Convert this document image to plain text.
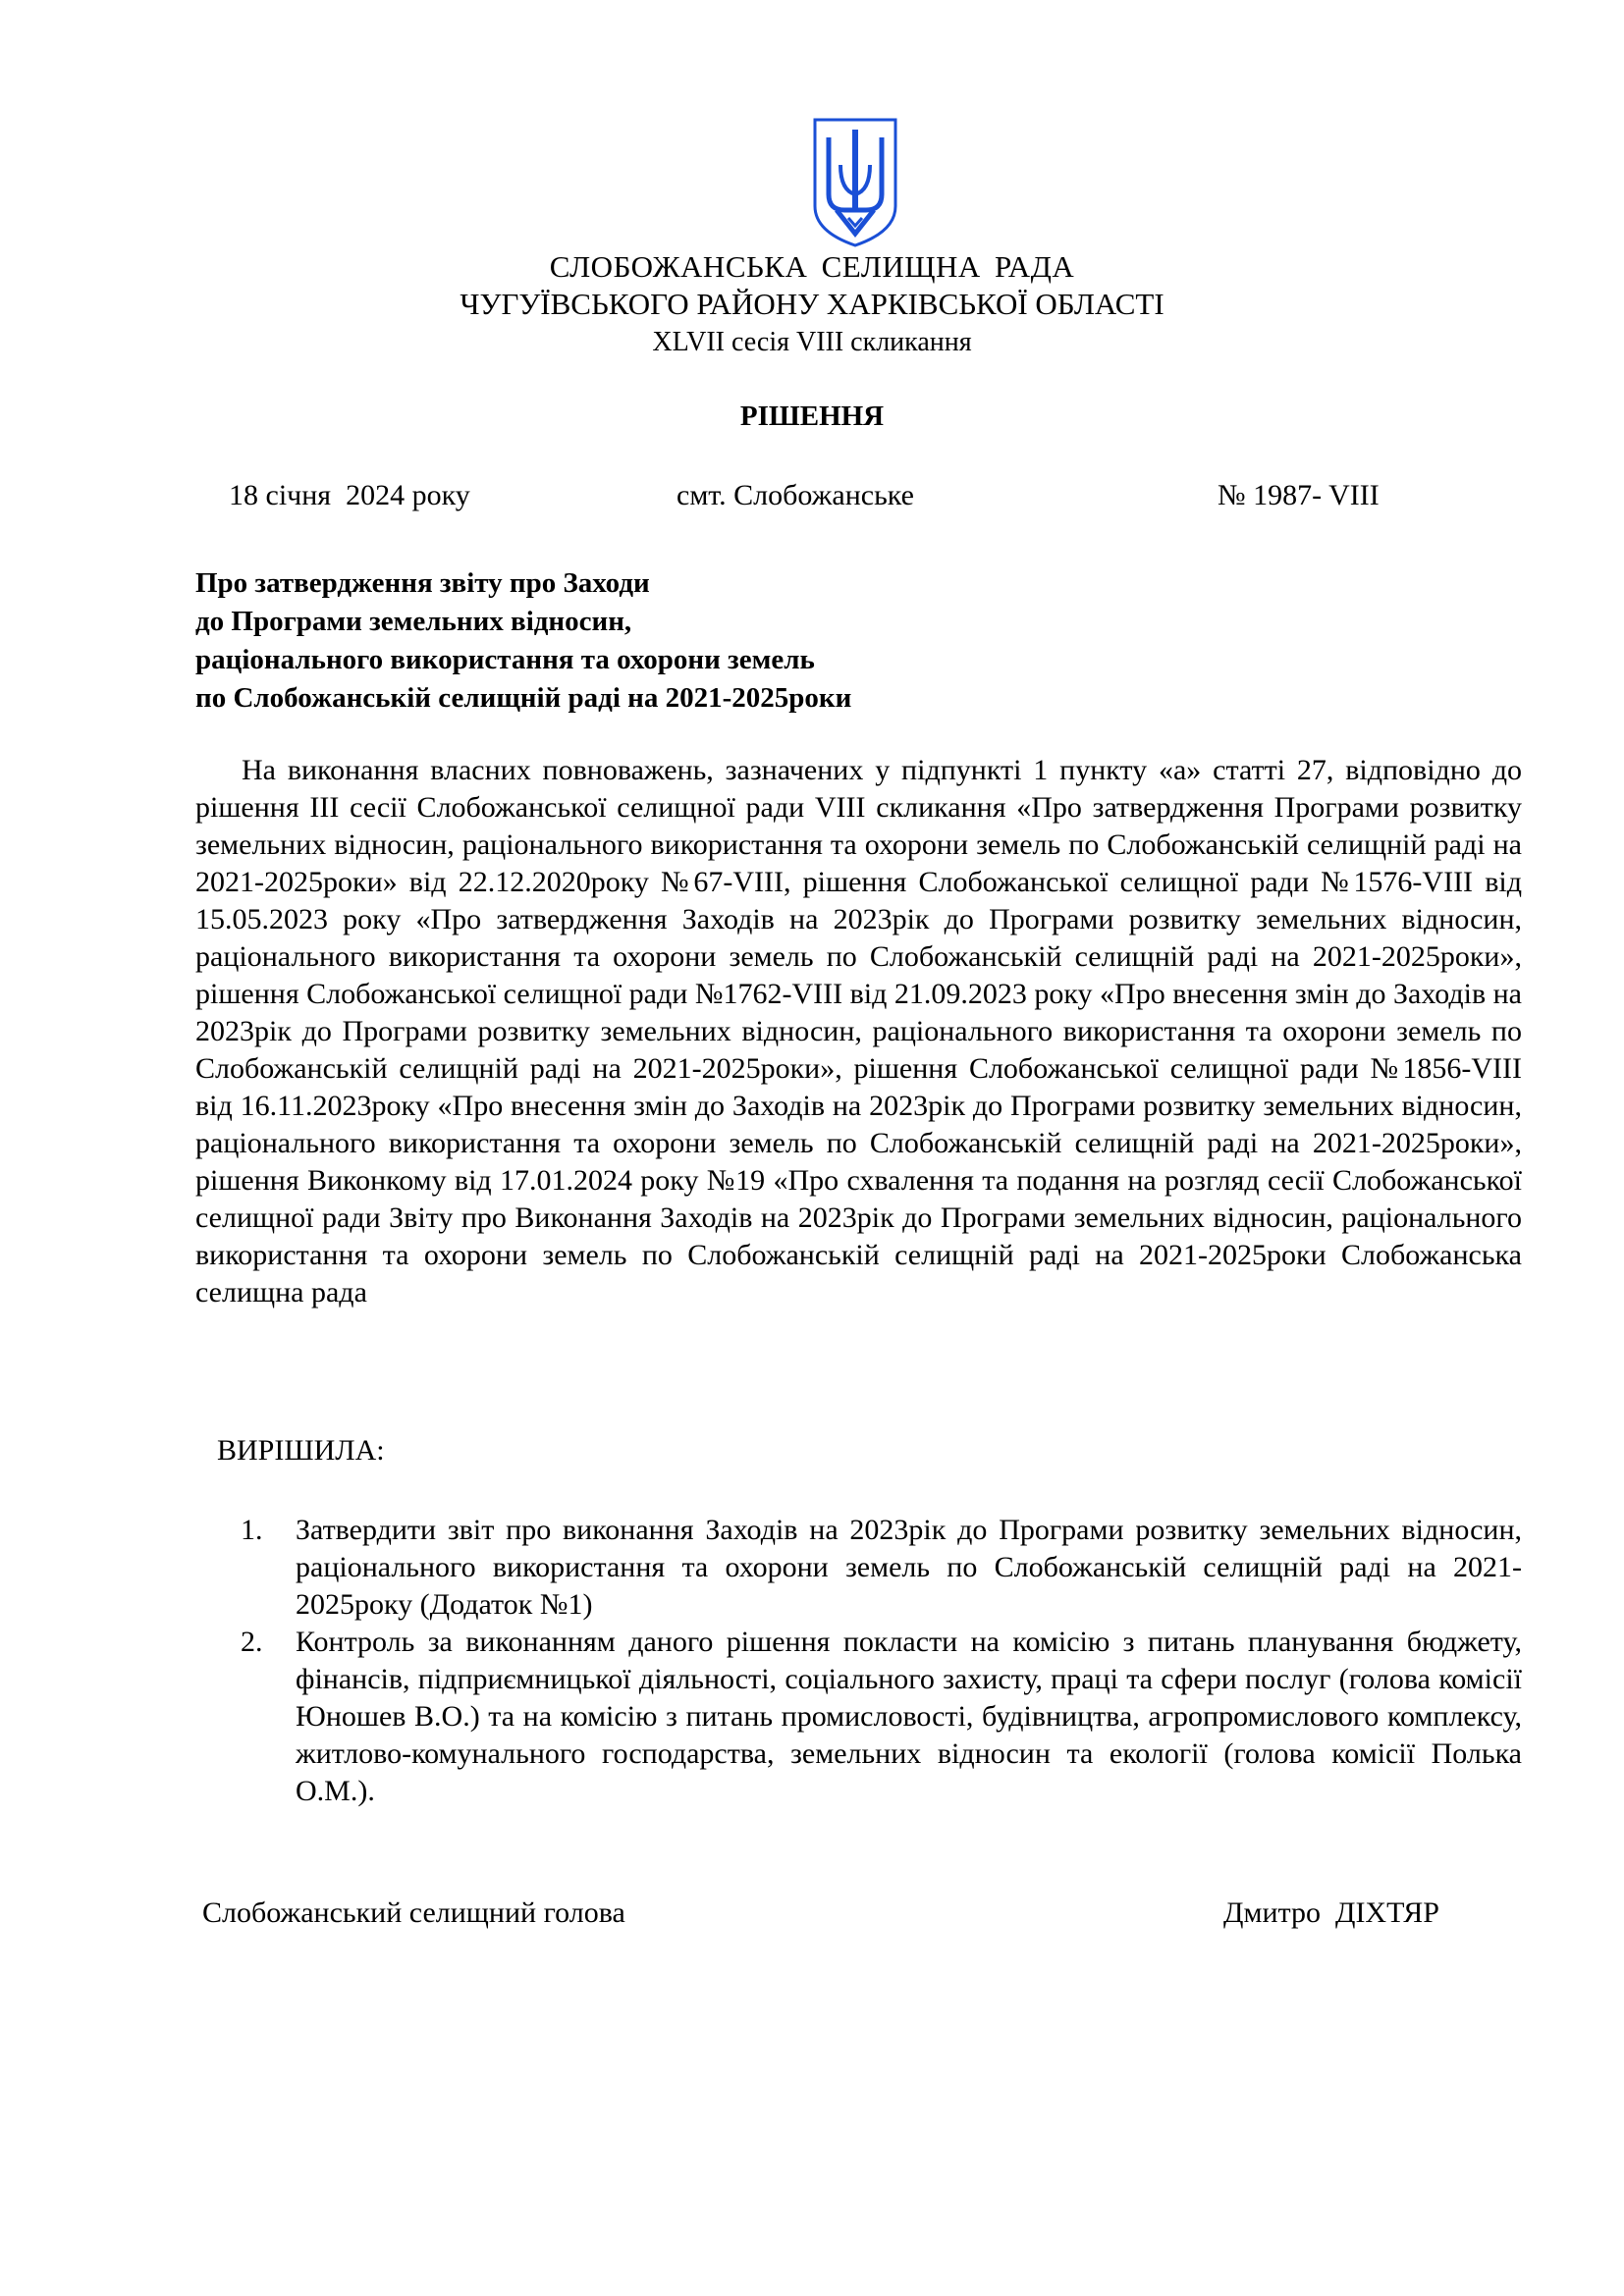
СЛОБОЖАНСЬКА СЕЛИЩНА РАДА

ЧУГУЇВСЬКОГО РАЙОНУ ХАРКІВСЬКОЇ ОБЛАСТІ

XLVII сесія VIII скликання

РІШЕННЯ

18 січня  2024 року	смт. Слобожанське	№ 1987- VIII
Про затвердження звіту про Заходи
до Програми земельних відносин,
раціонального використання та охорони земель
по Слобожанській селищній раді на 2021-2025роки

На виконання власних повноважень, зазначених у підпункті 1 пункту «а» статті 27, відповідно до рішення ІІІ сесії Слобожанської селищної ради VIII скликання «Про затвердження Програми розвитку земельних відносин, раціонального використання та охорони земель по Слобожанській селищній раді на 2021-2025роки» від 22.12.2020року №67-VIII, рішення Слобожанської селищної ради №1576-VIII від 15.05.2023 року «Про затвердження Заходів на 2023рік до Програми розвитку земельних відносин, раціонального використання та охорони земель по Слобожанській селищній раді на 2021-2025роки», рішення Слобожанської селищної ради №1762-VIII від 21.09.2023 року «Про внесення змін до Заходів на 2023рік до Програми розвитку земельних відносин, раціонального використання та охорони земель по Слобожанській селищній раді на 2021-2025роки», рішення Слобожанської селищної ради №1856-VIII від 16.11.2023року «Про внесення змін до Заходів на 2023рік до Програми розвитку земельних відносин, раціонального використання та охорони земель по Слобожанській селищній раді на 2021-2025роки», рішення Виконкому від 17.01.2024 року №19 «Про схвалення та подання на розгляд сесії Слобожанської селищної ради Звіту про Виконання Заходів на 2023рік до Програми земельних відносин, раціонального використання та охорони земель по Слобожанській селищній раді на 2021-2025роки Слобожанська селищна рада

ВИРІШИЛА:

1. Затвердити звіт про виконання Заходів на 2023рік до Програми розвитку земельних відносин, раціонального використання та охорони земель по Слобожанській селищній раді на 2021-2025року (Додаток №1)
2. Контроль за виконанням даного рішення покласти на комісію з питань планування бюджету, фінансів, підприємницької діяльності, соціального захисту, праці та сфери послуг (голова комісії Юношев В.О.) та на комісію з питань промисловості, будівництва, агропромислового комплексу, житлово-комунального господарства, земельних відносин та екології (голова комісії Полька О.М.).

Слобожанський селищний голова	Дмитро  ДІХТЯР
